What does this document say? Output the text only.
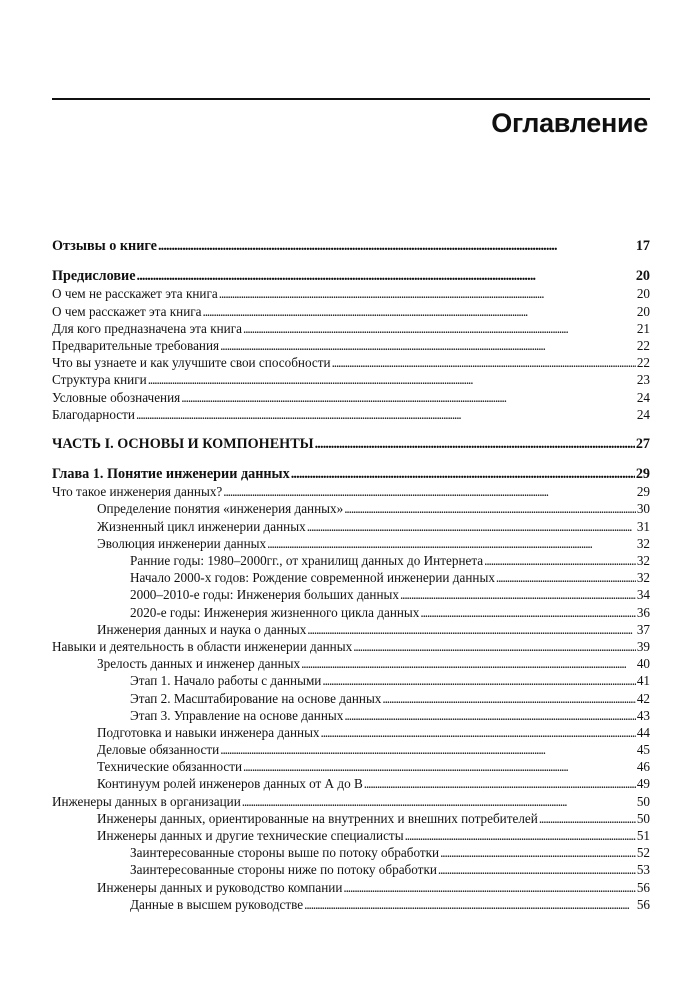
Оглавление
Отзывы о книге . . .	17
Предисловие . . .	20
О чем не расскажет эта книга . . .	20
О чем расскажет эта книга . . .	20
Для кого предназначена эта книга . . .	21
Предварительные требования . . .	22
Что вы узнаете и как улучшите свои способности . . .	22
Структура книги . . .	23
Условные обозначения . . .	24
Благодарности . . .	24
ЧАСТЬ I. ОСНОВЫ И КОМПОНЕНТЫ . . .	27
Глава 1. Понятие инженерии данных . . .	29
Что такое инженерия данных? . . .	29
Определение понятия «инженерия данных» . . .	30
Жизненный цикл инженерии данных . . .	31
Эволюция инженерии данных . . .	32
Ранние годы: 1980–2000гг., от хранилищ данных до Интернета . . .	32
Начало 2000-х годов: Рождение современной инженерии данных . . .	32
2000–2010-е годы: Инженерия больших данных . . .	34
2020-е годы: Инженерия жизненного цикла данных . . .	36
Инженерия данных и наука о данных . . .	37
Навыки и деятельность в области инженерии данных . . .	39
Зрелость данных и инженер данных . . .	40
Этап 1. Начало работы с данными . . .	41
Этап 2. Масштабирование на основе данных . . .	42
Этап 3. Управление на основе данных . . .	43
Подготовка и навыки инженера данных . . .	44
Деловые обязанности . . .	45
Технические обязанности . . .	46
Континуум ролей инженеров данных от А до В . . .	49
Инженеры данных в организации . . .	50
Инженеры данных, ориентированные на внутренних и внешних потребителей . . .	50
Инженеры данных и другие технические специалисты . . .	51
Заинтересованные стороны выше по потоку обработки . . .	52
Заинтересованные стороны ниже по потоку обработки . . .	53
Инженеры данных и руководство компании . . .	56
Данные в высшем руководстве . . .	56
